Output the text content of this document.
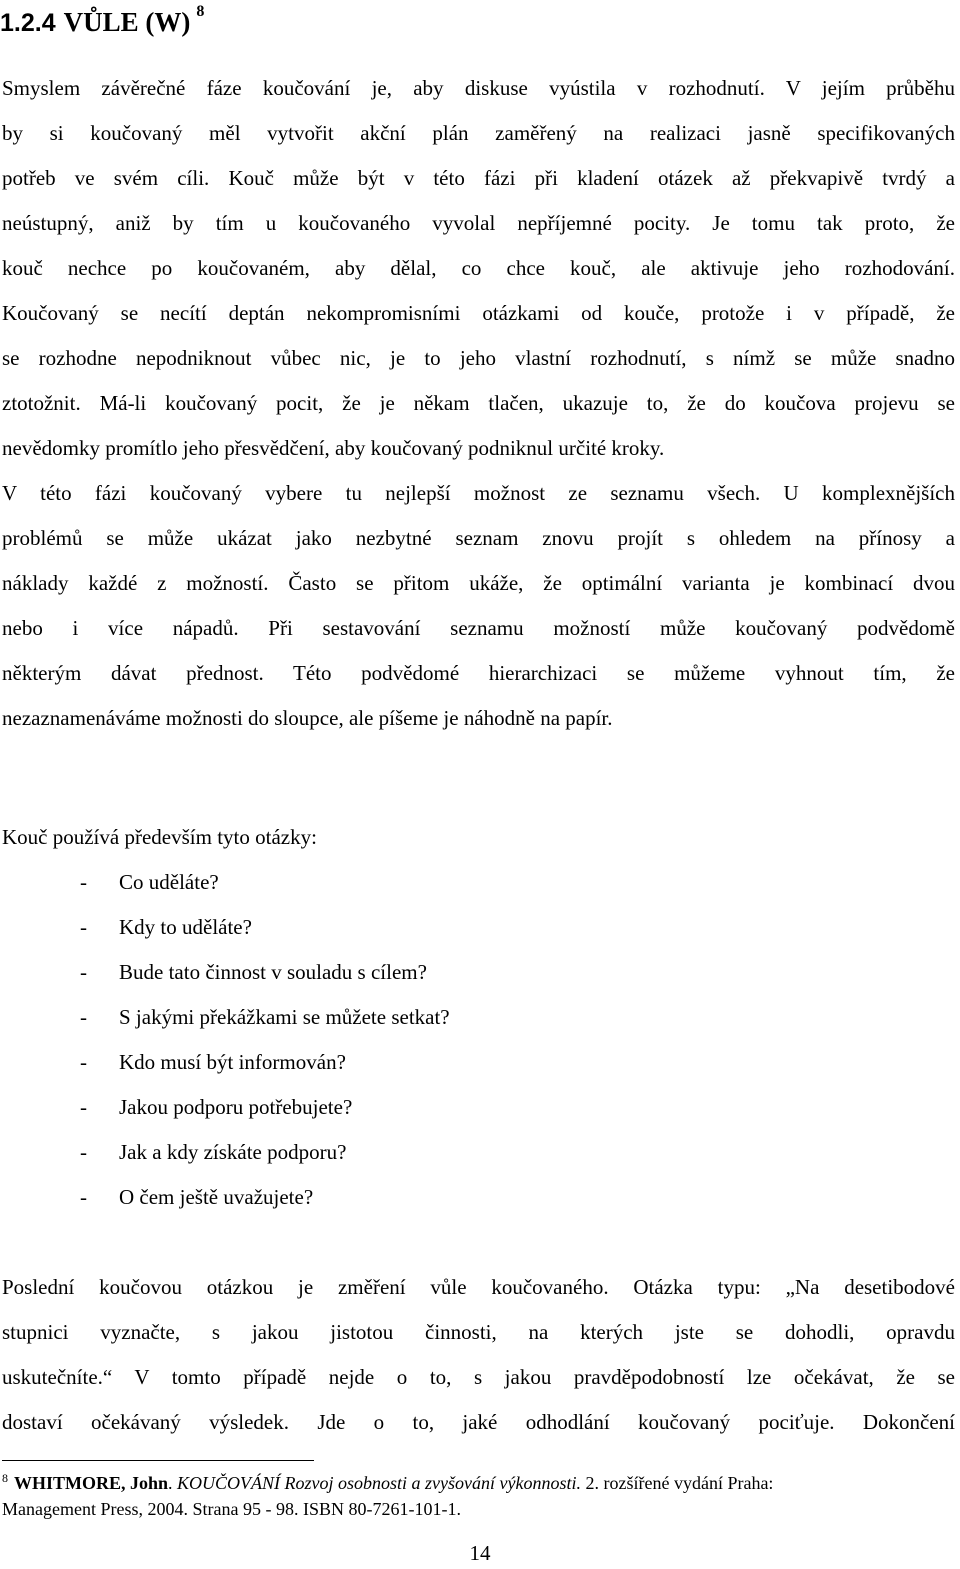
1.2.4 VŮLE (W) $^8$

Smyslem závěrečné fáze koučování je, aby diskuse vyústila v rozhodnutí. V jejím průběhu
by si koučovaný měl vytvořit akční plán zaměřený na realizaci jasně specifikovaných
potřeb ve svém cíli. Kouč může být v této fázi při kladení otázek až překvapivě tvrdý a
neústupný, aniž by tím u koučovaného vyvolal nepříjemné pocity. Je tomu tak proto, že
kouč nechce po koučovaném, aby dělal, co chce kouč, ale aktivuje jeho rozhodování.
Koučovaný se necítí deptán nekompromisními otázkami od kouče, protože i v případě, že
se rozhodne nepodniknout vůbec nic, je to jeho vlastní rozhodnutí, s nímž se může snadno
ztotožnit. Má-li koučovaný pocit, že je někam tlačen, ukazuje to, že do koučova projevu se
nevědomky promítlo jeho přesvědčení, aby koučovaný podniknul určité kroky.
V této fázi koučovaný vybere tu nejlepší možnost ze seznamu všech. U komplexnějších
problémů se může ukázat jako nezbytné seznam znovu projít s ohledem na přínosy a
náklady každé z možností. Často se přitom ukáže, že optimální varianta je kombinací dvou
nebo i více nápadů. Při sestavování seznamu možností může koučovaný podvědomě
některým dávat přednost. Této podvědomé hierarchizaci se můžeme vyhnout tím, že
nezaznamenáváme možnosti do sloupce, ale píšeme je náhodně na papír.

Kouč používá především tyto otázky:

- Co uděláte?
- Kdy to uděláte?
- Bude tato činnost v souladu s cílem?
- S jakými překážkami se můžete setkat?
- Kdo musí být informován?
- Jakou podporu potřebujete?
- Jak a kdy získáte podporu?
- O čem ještě uvažujete?

Poslední koučovou otázkou je změření vůle koučovaného. Otázka typu: „Na desetibodové
stupnici vyznačte, s jakou jistotou činnosti, na kterých jste se dohodli, opravdu
uskutečníte.“ V tomto případě nejde o to, s jakou pravděpodobností lze očekávat, že se
dostaví očekávaný výsledek. Jde o to, jaké odhodlání koučovaný pociťuje. Dokončení

$^8$ WHITMORE, John. KOUČOVÁNÍ Rozvoj osobnosti a zvyšování výkonnosti. 2. rozšířené vydání Praha:
Management Press, 2004. Strana 95 - 98. ISBN 80-7261-101-1.

14
